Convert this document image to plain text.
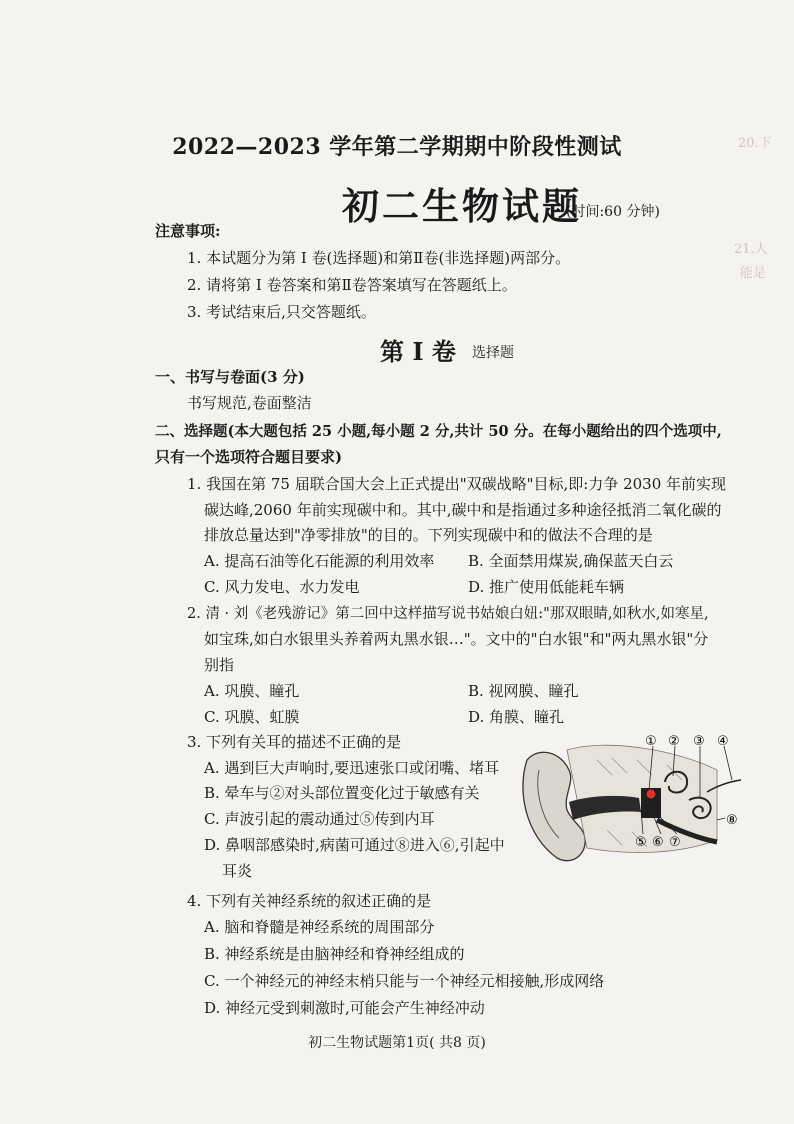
20.下
21.人
能是
2022—2023 学年第二学期期中阶段性测试
初二生物试题
(时间:60 分钟)
注意事项:
1. 本试题分为第 I 卷(选择题)和第Ⅱ卷(非选择题)两部分。
2. 请将第 I 卷答案和第Ⅱ卷答案填写在答题纸上。
3. 考试结束后,只交答题纸。
第 I 卷 选择题
一、书写与卷面(3 分)
书写规范,卷面整洁
二、选择题(本大题包括 25 小题,每小题 2 分,共计 50 分。在每小题给出的四个选项中,
只有一个选项符合题目要求)
1. 我国在第 75 届联合国大会上正式提出"双碳战略"目标,即:力争 2030 年前实现
碳达峰,2060 年前实现碳中和。其中,碳中和是指通过多种途径抵消二氧化碳的
排放总量达到"净零排放"的目的。下列实现碳中和的做法不合理的是
A. 提高石油等化石能源的利用效率 B. 全面禁用煤炭,确保蓝天白云
C. 风力发电、水力发电	D. 推广使用低能耗车辆
2. 清 · 刘《老残游记》第二回中这样描写说书姑娘白妞:"那双眼睛,如秋水,如寒星,
如宝珠,如白水银里头养着两丸黑水银…"。文中的"白水银"和"两丸黑水银"分
别指
A. 巩膜、瞳孔	B. 视网膜、瞳孔
C. 巩膜、虹膜	D. 角膜、瞳孔
3. 下列有关耳的描述不正确的是
A. 遇到巨大声响时,要迅速张口或闭嘴、堵耳
B. 晕车与②对头部位置变化过于敏感有关
C. 声波引起的震动通过⑤传到内耳
D. 鼻咽部感染时,病菌可通过⑧进入⑥,引起中
耳炎
① ② ③ ④
⑤ ⑥ ⑦
⑧
4. 下列有关神经系统的叙述正确的是
A. 脑和脊髓是神经系统的周围部分
B. 神经系统是由脑神经和脊神经组成的
C. 一个神经元的神经末梢只能与一个神经元相接触,形成网络
D. 神经元受到刺激时,可能会产生神经冲动
初二生物试题第1页( 共8 页)
